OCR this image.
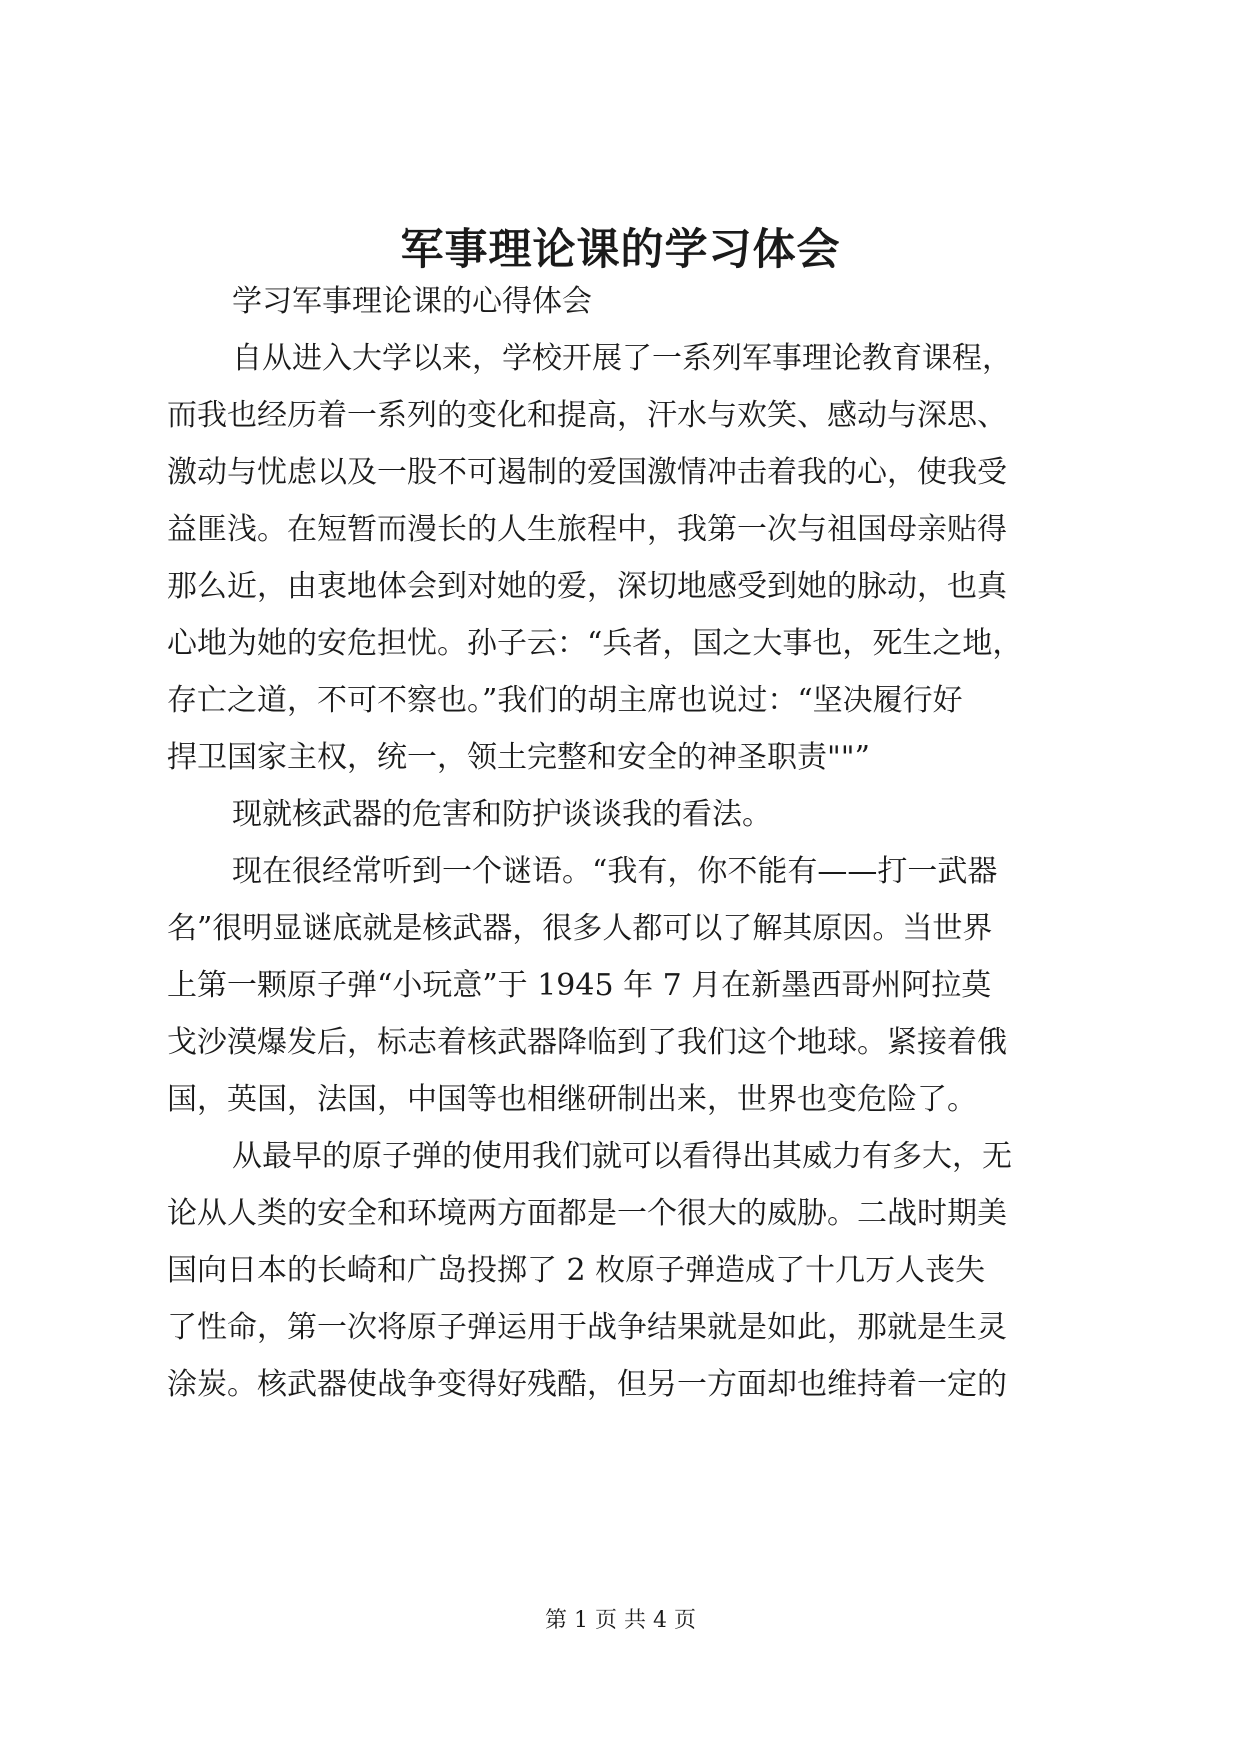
军事理论课的学习体会
学习军事理论课的心得体会
自从进入大学以来，学校开展了一系列军事理论教育课程，
而我也经历着一系列的变化和提高，汗水与欢笑、感动与深思、
激动与忧虑以及一股不可遏制的爱国激情冲击着我的心，使我受
益匪浅。在短暂而漫长的人生旅程中，我第一次与祖国母亲贴得
那么近，由衷地体会到对她的爱，深切地感受到她的脉动，也真
心地为她的安危担忧。孙子云：“兵者，国之大事也，死生之地，
存亡之道，不可不察也。”我们的胡主席也说过：“坚决履行好
捍卫国家主权，统一，领土完整和安全的神圣职责""”
现就核武器的危害和防护谈谈我的看法。
现在很经常听到一个谜语。“我有，你不能有——打一武器
名”很明显谜底就是核武器，很多人都可以了解其原因。当世界
上第一颗原子弹“小玩意”于 1945 年 7 月在新墨西哥州阿拉莫
戈沙漠爆发后，标志着核武器降临到了我们这个地球。紧接着俄
国，英国，法国，中国等也相继研制出来，世界也变危险了。
从最早的原子弹的使用我们就可以看得出其威力有多大，无
论从人类的安全和环境两方面都是一个很大的威胁。二战时期美
国向日本的长崎和广岛投掷了 2 枚原子弹造成了十几万人丧失
了性命，第一次将原子弹运用于战争结果就是如此，那就是生灵
涂炭。核武器使战争变得好残酷，但另一方面却也维持着一定的
第 1 页 共 4 页
